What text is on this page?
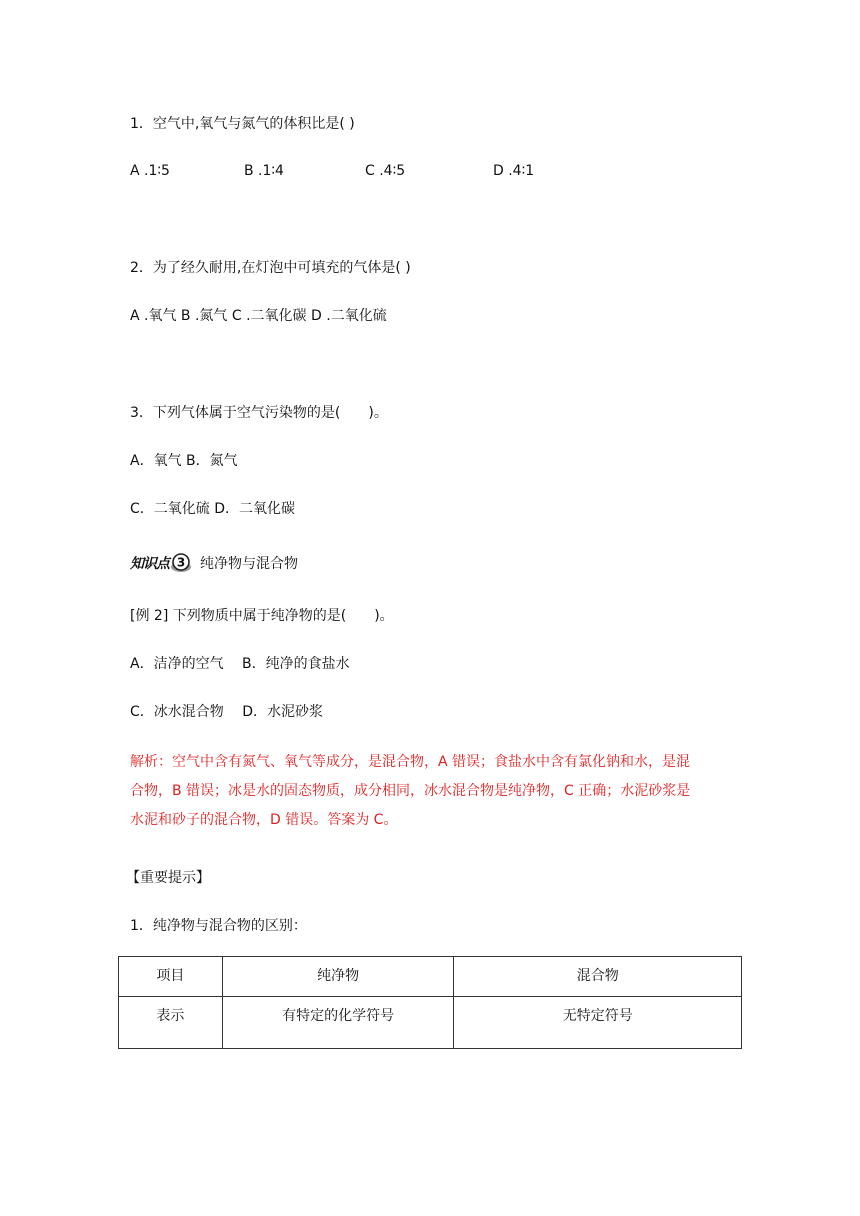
1．空气中,氧气与氮气的体积比是( )
A .1∶5	B .1∶4	C .4∶5	D .4∶1
2．为了经久耐用,在灯泡中可填充的气体是( )
A .氧气 B .氮气 C .二氧化碳 D .二氧化硫
3．下列气体属于空气污染物的是(　　)。
A．氧气 B．氮气
C．二氧化硫 D．二氧化碳
知识点 3 纯净物与混合物
[例 2] 下列物质中属于纯净物的是(　　)。
A．洁净的空气　 B．纯净的食盐水
C．冰水混合物　 D．水泥砂浆
解析：空气中含有氮气、氧气等成分，是混合物，A 错误；食盐水中含有氯化钠和水，是混
合物，B 错误；冰是水的固态物质，成分相同，冰水混合物是纯净物，C 正确；水泥砂浆是
水泥和砂子的混合物，D 错误。答案为 C。
【重要提示】
1．纯净物与混合物的区别：
项目	纯净物	混合物
表示	有特定的化学符号	无特定符号
